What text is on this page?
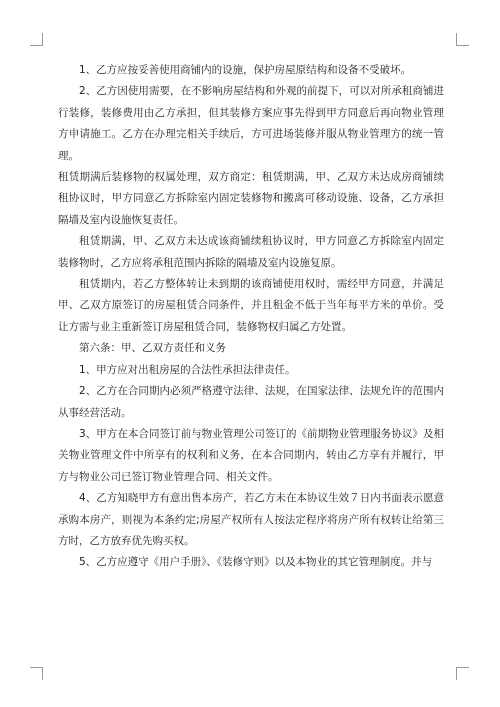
1、乙方应按妥善使用商铺内的设施，保护房屋原结构和设备不受破坏。

2、乙方因使用需要，在不影响房屋结构和外观的前提下，可以对所承租商铺进行装修，装修费用由乙方承担，但其装修方案应事先得到甲方同意后再向物业管理方申请施工。乙方在办理完相关手续后，方可进场装修并服从物业管理方的统一管理。

租赁期满后装修物的权属处理，双方商定：租赁期满，甲、乙双方未达成房商铺续租协议时，甲方同意乙方拆除室内固定装修物和搬离可移动设施、设备，乙方承担隔墙及室内设施恢复责任。

租赁期满，甲、乙双方未达成该商铺续租协议时，甲方同意乙方拆除室内固定装修物时，乙方应将承租范围内拆除的隔墙及室内设施复原。

租赁期内，若乙方整体转让未到期的该商铺使用权时，需经甲方同意，并满足甲、乙双方原签订的房屋租赁合同条件，并且租金不低于当年每平方米的单价。受让方需与业主重新签订房屋租赁合同，装修物权归属乙方处置。

第六条：甲、乙双方责任和义务

1、甲方应对出租房屋的合法性承担法律责任。

2、乙方在合同期内必须严格遵守法律、法规，在国家法律、法规允许的范围内从事经营活动。

3、甲方在本合同签订前与物业管理公司签订的《前期物业管理服务协议》及相关物业管理文件中所享有的权利和义务，在本合同期内，转由乙方享有并履行，甲方与物业公司已签订物业管理合同、相关文件。

4、乙方知晓甲方有意出售本房产，若乙方未在本协议生效７日内书面表示愿意承购本房产，则视为本条约定;房屋产权所有人按法定程序将房产所有权转让给第三方时，乙方放弃优先购买权。

5、乙方应遵守《用户手册》、《装修守则》以及本物业的其它管理制度。并与
